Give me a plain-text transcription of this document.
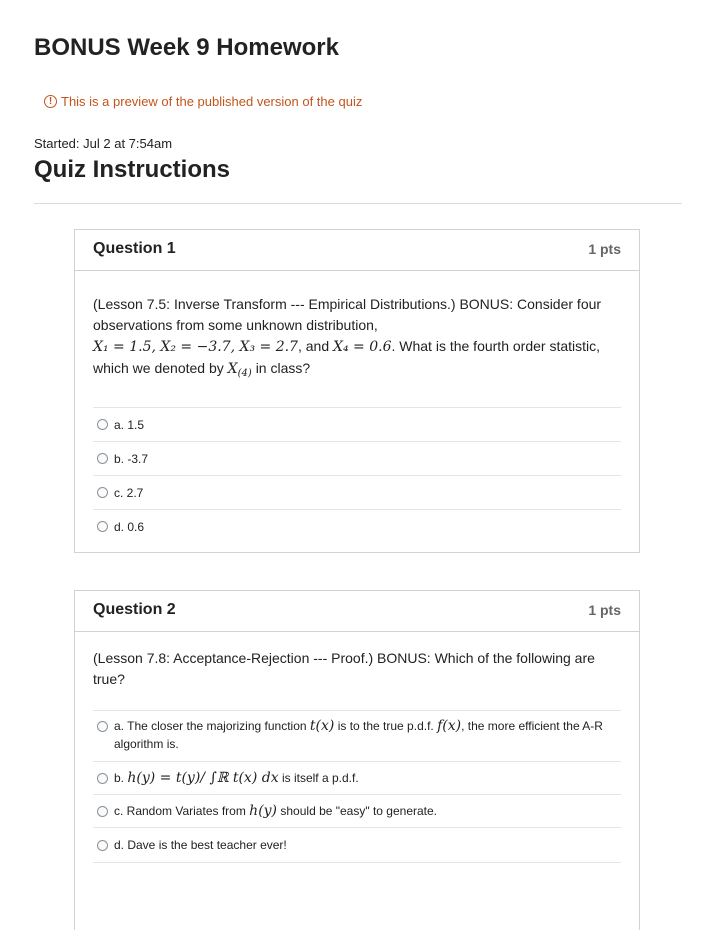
BONUS Week 9 Homework
! This is a preview of the published version of the quiz
Started: Jul 2 at 7:54am
Quiz Instructions
Question 1	1 pts
(Lesson 7.5: Inverse Transform --- Empirical Distributions.) BONUS: Consider four observations from some unknown distribution,
X₁ = 1.5, X₂ = −3.7, X₃ = 2.7, and X₄ = 0.6. What is the fourth order statistic, which we denoted by $X_{(4)}$ in class?
a. 1.5
b. -3.7
c. 2.7
d. 0.6
Question 2	1 pts
(Lesson 7.8: Acceptance-Rejection --- Proof.) BONUS: Which of the following are true?
a. The closer the majorizing function t(x) is to the true p.d.f. f(x), the more efficient the A-R algorithm is.
b. h(y) = t(y)/ ∫ℝ t(x) dx is itself a p.d.f.
c. Random Variates from h(y) should be "easy" to generate.
d. Dave is the best teacher ever!
